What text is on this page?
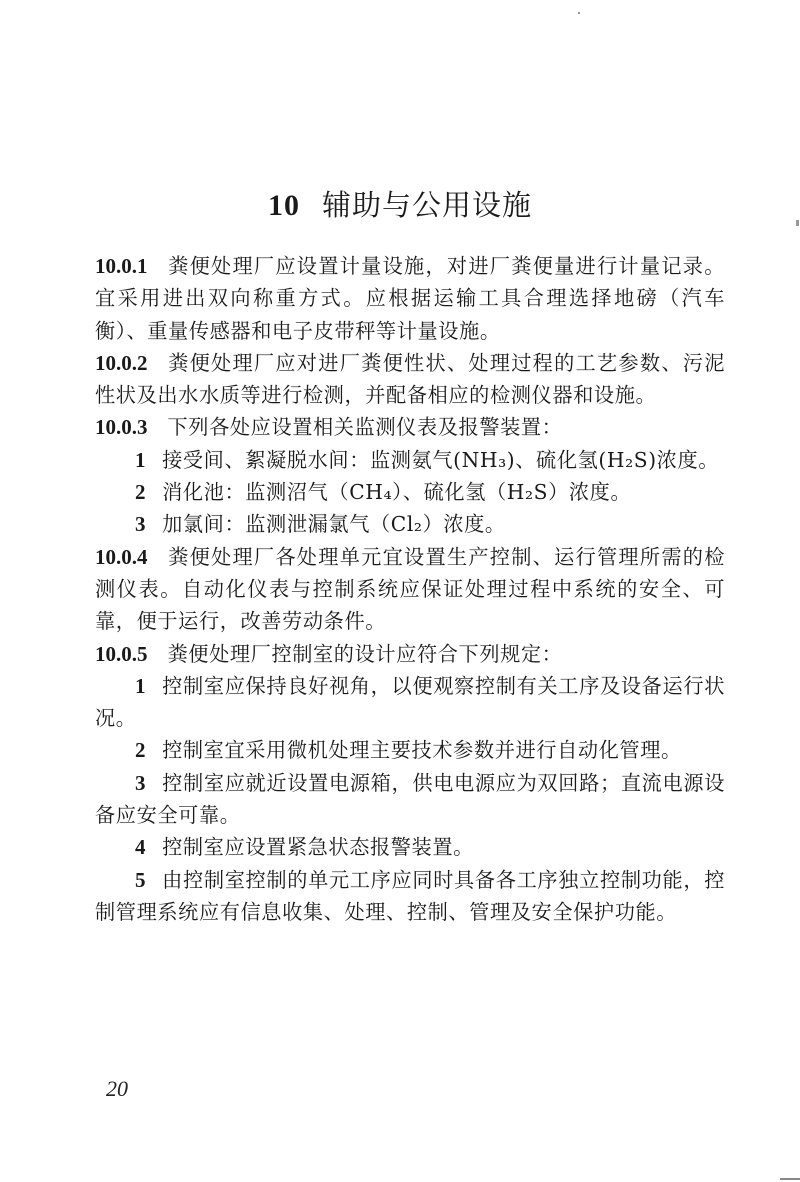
10 辅助与公用设施

10.0.1 粪便处理厂应设置计量设施，对进厂粪便量进行计量记录。宜采用进出双向称重方式。应根据运输工具合理选择地磅（汽车衡）、重量传感器和电子皮带秤等计量设施。

10.0.2 粪便处理厂应对进厂粪便性状、处理过程的工艺参数、污泥性状及出水水质等进行检测，并配备相应的检测仪器和设施。

10.0.3 下列各处应设置相关监测仪表及报警装置：

1 接受间、絮凝脱水间：监测氨气(NH₃)、硫化氢(H₂S)浓度。

2 消化池：监测沼气（CH₄）、硫化氢（H₂S）浓度。

3 加氯间：监测泄漏氯气（Cl₂）浓度。

10.0.4 粪便处理厂各处理单元宜设置生产控制、运行管理所需的检测仪表。自动化仪表与控制系统应保证处理过程中系统的安全、可靠，便于运行，改善劳动条件。

10.0.5 粪便处理厂控制室的设计应符合下列规定：

1 控制室应保持良好视角，以便观察控制有关工序及设备运行状况。

2 控制室宜采用微机处理主要技术参数并进行自动化管理。

3 控制室应就近设置电源箱，供电电源应为双回路；直流电源设备应安全可靠。

4 控制室应设置紧急状态报警装置。

5 由控制室控制的单元工序应同时具备各工序独立控制功能，控制管理系统应有信息收集、处理、控制、管理及安全保护功能。

20
